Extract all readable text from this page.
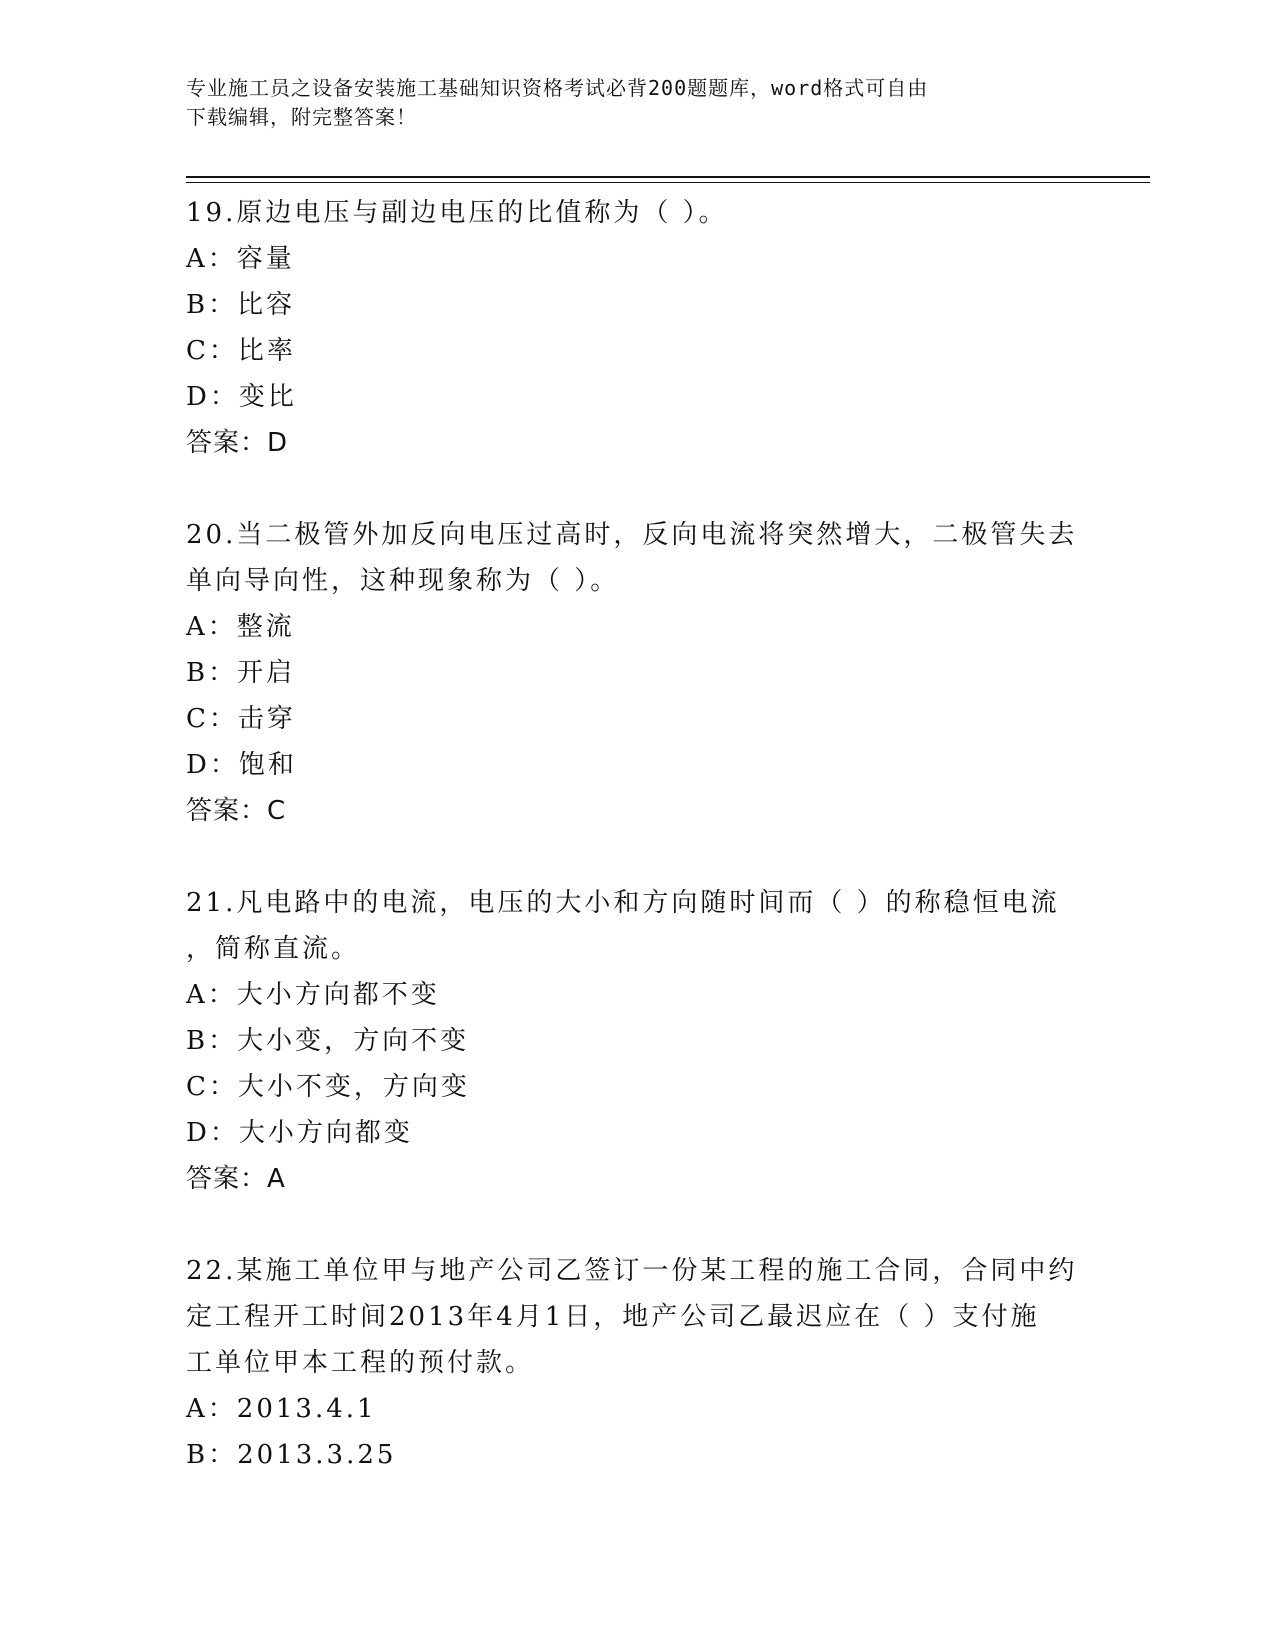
专业施工员之设备安装施工基础知识资格考试必背200题题库，word格式可自由
下载编辑，附完整答案！
19.原边电压与副边电压的比值称为（ ）。
A：容量
B：比容
C：比率
D：变比
答案：D
20.当二极管外加反向电压过高时，反向电流将突然增大，二极管失去
单向导向性，这种现象称为（ ）。
A：整流
B：开启
C：击穿
D：饱和
答案：C
21.凡电路中的电流，电压的大小和方向随时间而（ ）的称稳恒电流
，简称直流。
A：大小方向都不变
B：大小变，方向不变
C：大小不变，方向变
D：大小方向都变
答案：A
22.某施工单位甲与地产公司乙签订一份某工程的施工合同，合同中约
定工程开工时间2013年4月1日，地产公司乙最迟应在（ ）支付施
工单位甲本工程的预付款。
A：2013.4.1
B：2013.3.25
